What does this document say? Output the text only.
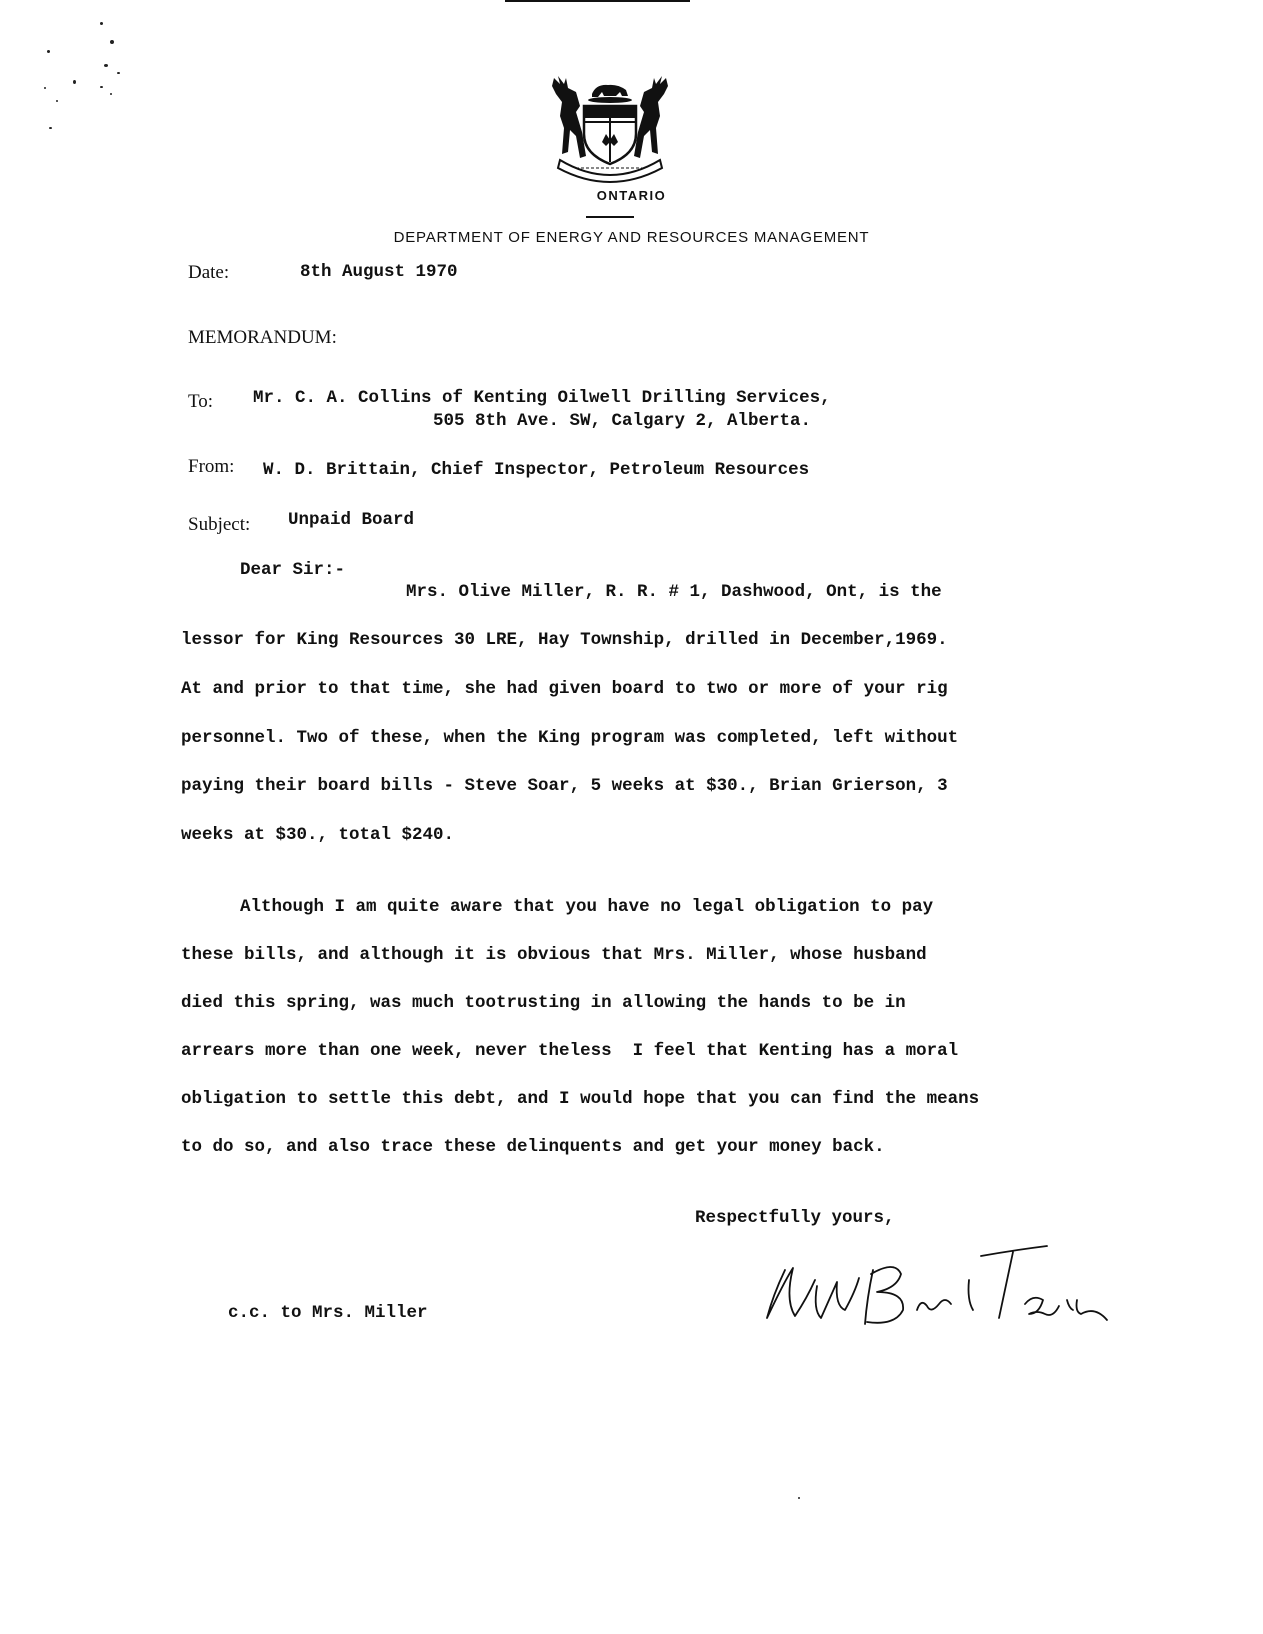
ONTARIO
DEPARTMENT OF ENERGY AND RESOURCES MANAGEMENT
Date:	8th August 1970
MEMORANDUM:
To: Mr. C. A. Collins of Kenting Oilwell Drilling Services,
505 8th Ave. SW, Calgary 2, Alberta.
From: W. D. Brittain, Chief Inspector, Petroleum Resources
Subject: Unpaid Board
Dear Sir:-
Mrs. Olive Miller, R. R. # 1, Dashwood, Ont, is the
lessor for King Resources 30 LRE, Hay Township, drilled in December,1969.
At and prior to that time, she had given board to two or more of your rig
personnel. Two of these, when the King program was completed, left without
paying their board bills - Steve Soar, 5 weeks at $30., Brian Grierson, 3
weeks at $30., total $240.
Although I am quite aware that you have no legal obligation to pay
these bills, and although it is obvious that Mrs. Miller, whose husband
died this spring, was much tootrusting in allowing the hands to be in
arrears more than one week, never theless  I feel that Kenting has a moral
obligation to settle this debt, and I would hope that you can find the means
to do so, and also trace these delinquents and get your money back.
Respectfully yours,
c.c. to Mrs. Miller
